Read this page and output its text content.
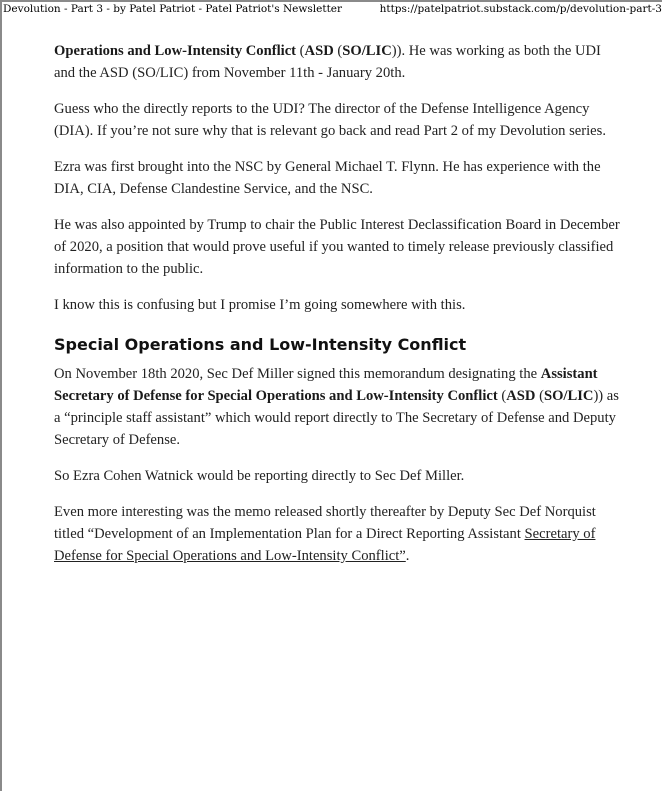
Devolution - Part 3 - by Patel Patriot - Patel Patriot's Newsletter	https://patelpatriot.substack.com/p/devolution-part-3

Operations and Low-Intensity Conflict (ASD (SO/LIC)). He was working as both the UDI and the ASD (SO/LIC) from November 11th - January 20th.

Guess who the directly reports to the UDI? The director of the Defense Intelligence Agency (DIA). If you’re not sure why that is relevant go back and read Part 2 of my Devolution series.

Ezra was first brought into the NSC by General Michael T. Flynn. He has experience with the DIA, CIA, Defense Clandestine Service, and the NSC.

He was also appointed by Trump to chair the Public Interest Declassification Board in December of 2020, a position that would prove useful if you wanted to timely release previously classified information to the public.

I know this is confusing but I promise I’m going somewhere with this.

Special Operations and Low-Intensity Conflict

On November 18th 2020, Sec Def Miller signed this memorandum designating the Assistant Secretary of Defense for Special Operations and Low-Intensity Conflict (ASD (SO/LIC)) as a “principle staff assistant” which would report directly to The Secretary of Defense and Deputy Secretary of Defense.

So Ezra Cohen Watnick would be reporting directly to Sec Def Miller.

Even more interesting was the memo released shortly thereafter by Deputy Sec Def Norquist titled “Development of an Implementation Plan for a Direct Reporting Assistant Secretary of Defense for Special Operations and Low-Intensity Conflict”.
